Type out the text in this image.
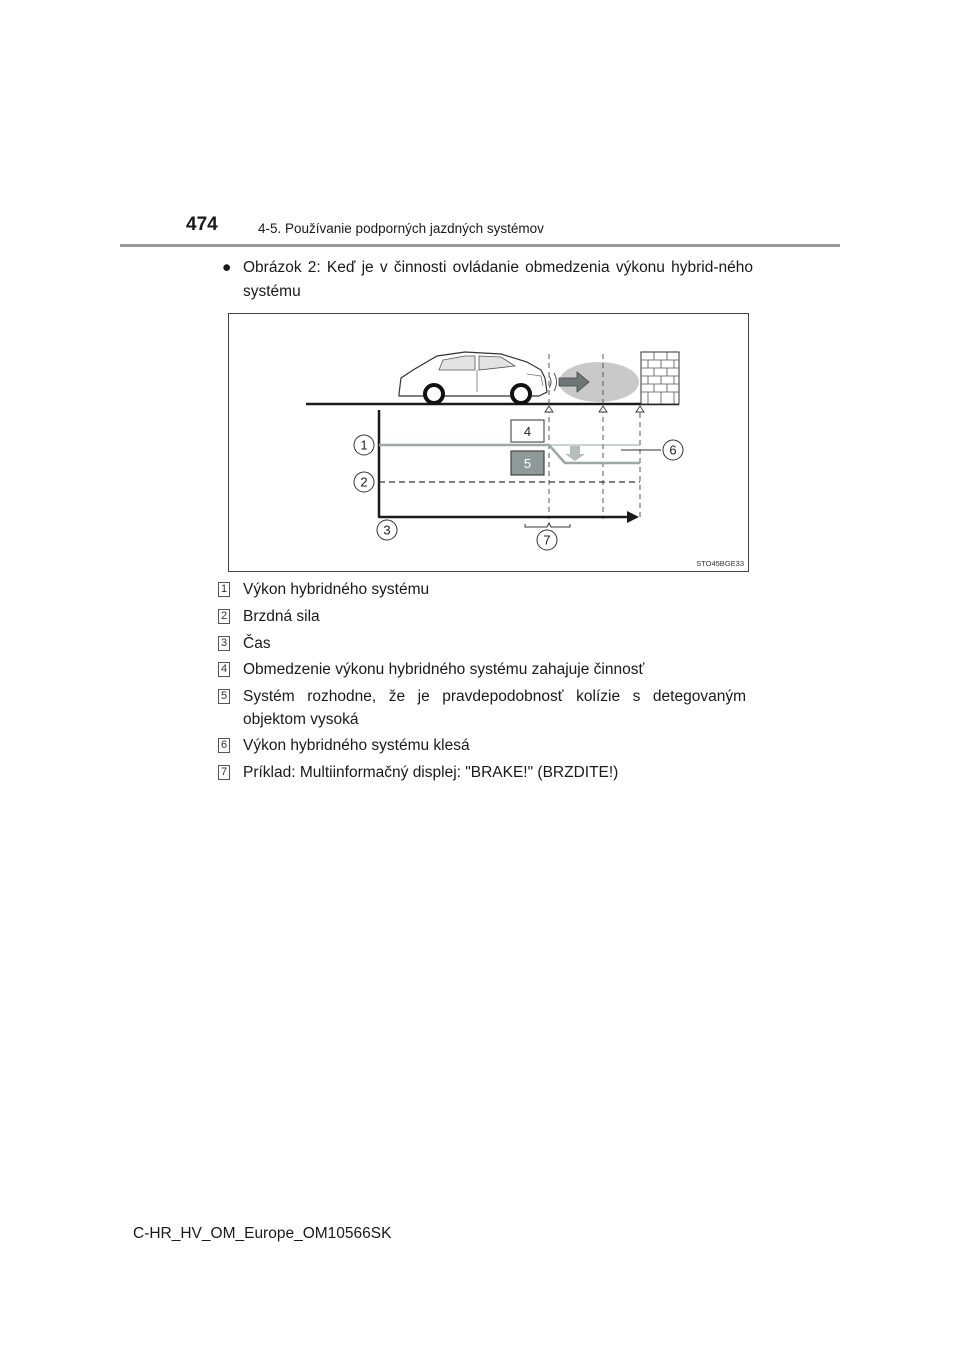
474	4-5. Používanie podporných jazdných systémov
● Obrázok 2: Keď je v činnosti ovládanie obmedzenia výkonu hybrid-ného systému
1
2
3
4
5
6
7
STO45BGE33
1 Výkon hybridného systému
2 Brzdná sila
3 Čas
4 Obmedzenie výkonu hybridného systému zahajuje činnosť
5 Systém rozhodne, že je pravdepodobnosť kolízie s detegovaným objektom vysoká
6 Výkon hybridného systému klesá
7 Príklad: Multiinformačný displej: "BRAKE!" (BRZDITE!)
C-HR_HV_OM_Europe_OM10566SK
